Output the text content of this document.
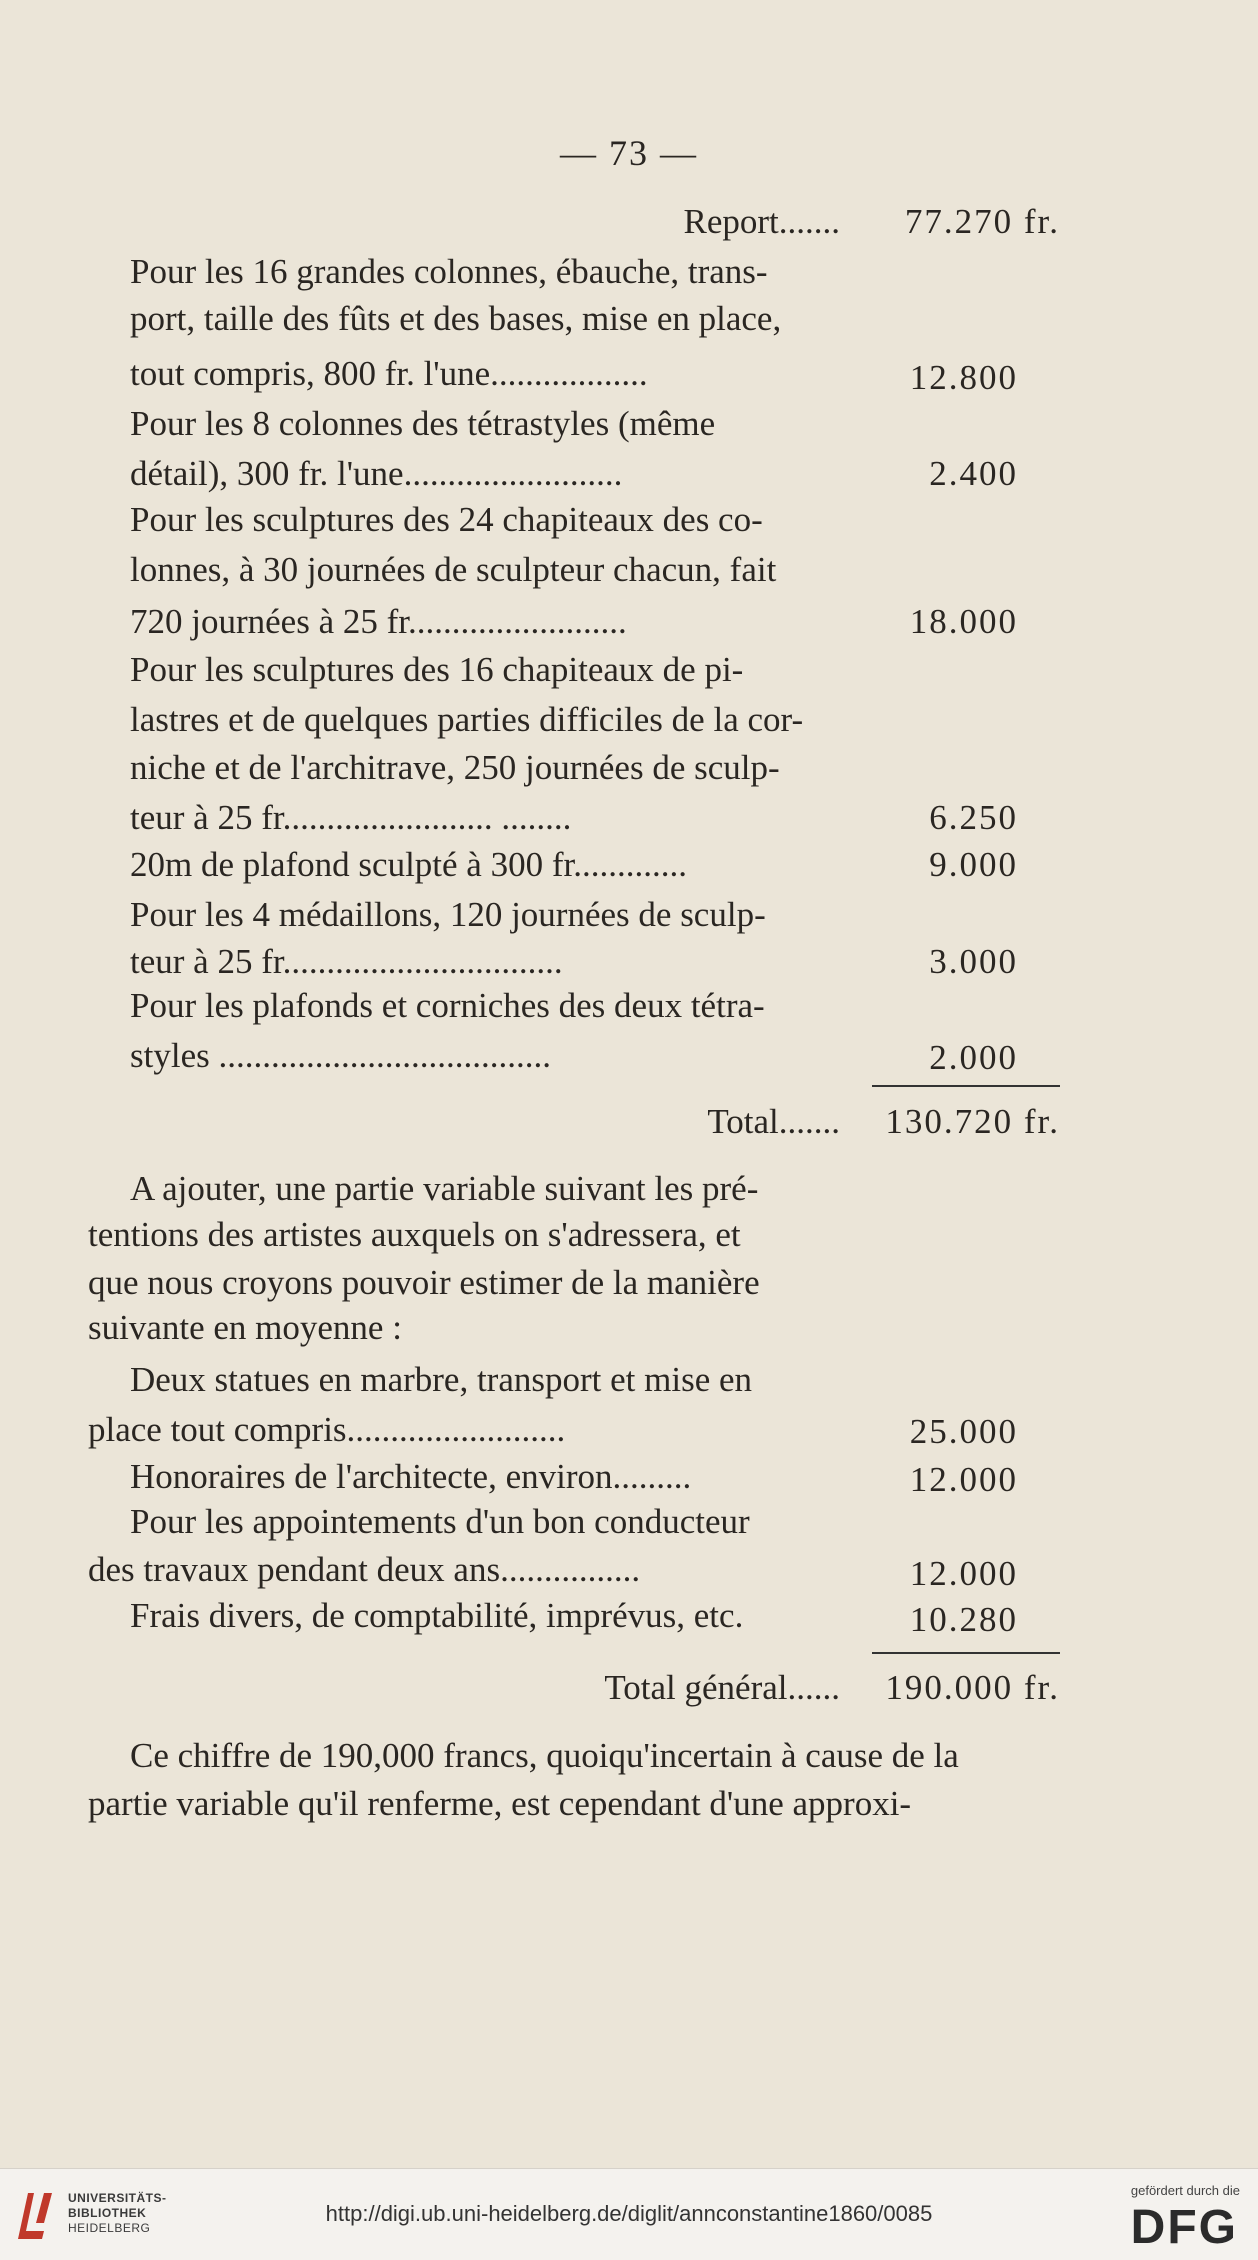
— 73 —
Report....... 77.270 fr.
Pour les 16 grandes colonnes, ébauche, trans-
port, taille des fûts et des bases, mise en place,
tout compris, 800 fr. l'une..................	12.800
Pour les 8 colonnes des tétrastyles (même
détail), 300 fr. l'une.........................	2.400
Pour les sculptures des 24 chapiteaux des co-
lonnes, à 30 journées de sculpteur chacun, fait
720 journées à 25 fr.........................	18.000
Pour les sculptures des 16 chapiteaux de pi-
lastres et de quelques parties difficiles de la cor-
niche et de l'architrave, 250 journées de sculp-
teur à 25 fr........................ ........	6.250
20m de plafond sculpté à 300 fr.............	9.000
Pour les 4 médaillons, 120 journées de sculp-
teur à 25 fr................................	3.000
Pour les plafonds et corniches des deux tétra-
styles ......................................	2.000
Total....... 130.720 fr.
A ajouter, une partie variable suivant les pré-
tentions des artistes auxquels on s'adressera, et
que nous croyons pouvoir estimer de la manière
suivante en moyenne :
Deux statues en marbre, transport et mise en
place tout compris.........................	25.000
Honoraires de l'architecte, environ.........	12.000
Pour les appointements d'un bon conducteur
des travaux pendant deux ans................	12.000
Frais divers, de comptabilité, imprévus, etc.	10.280
Total général...... 190.000 fr.
Ce chiffre de 190,000 francs, quoiqu'incertain à cause de la
partie variable qu'il renferme, est cependant d'une approxi-
UNIVERSITÄTS-
BIBLIOTHEK
HEIDELBERG
http://digi.ub.uni-heidelberg.de/diglit/annconstantine1860/0085
gefördert durch die
DFG
